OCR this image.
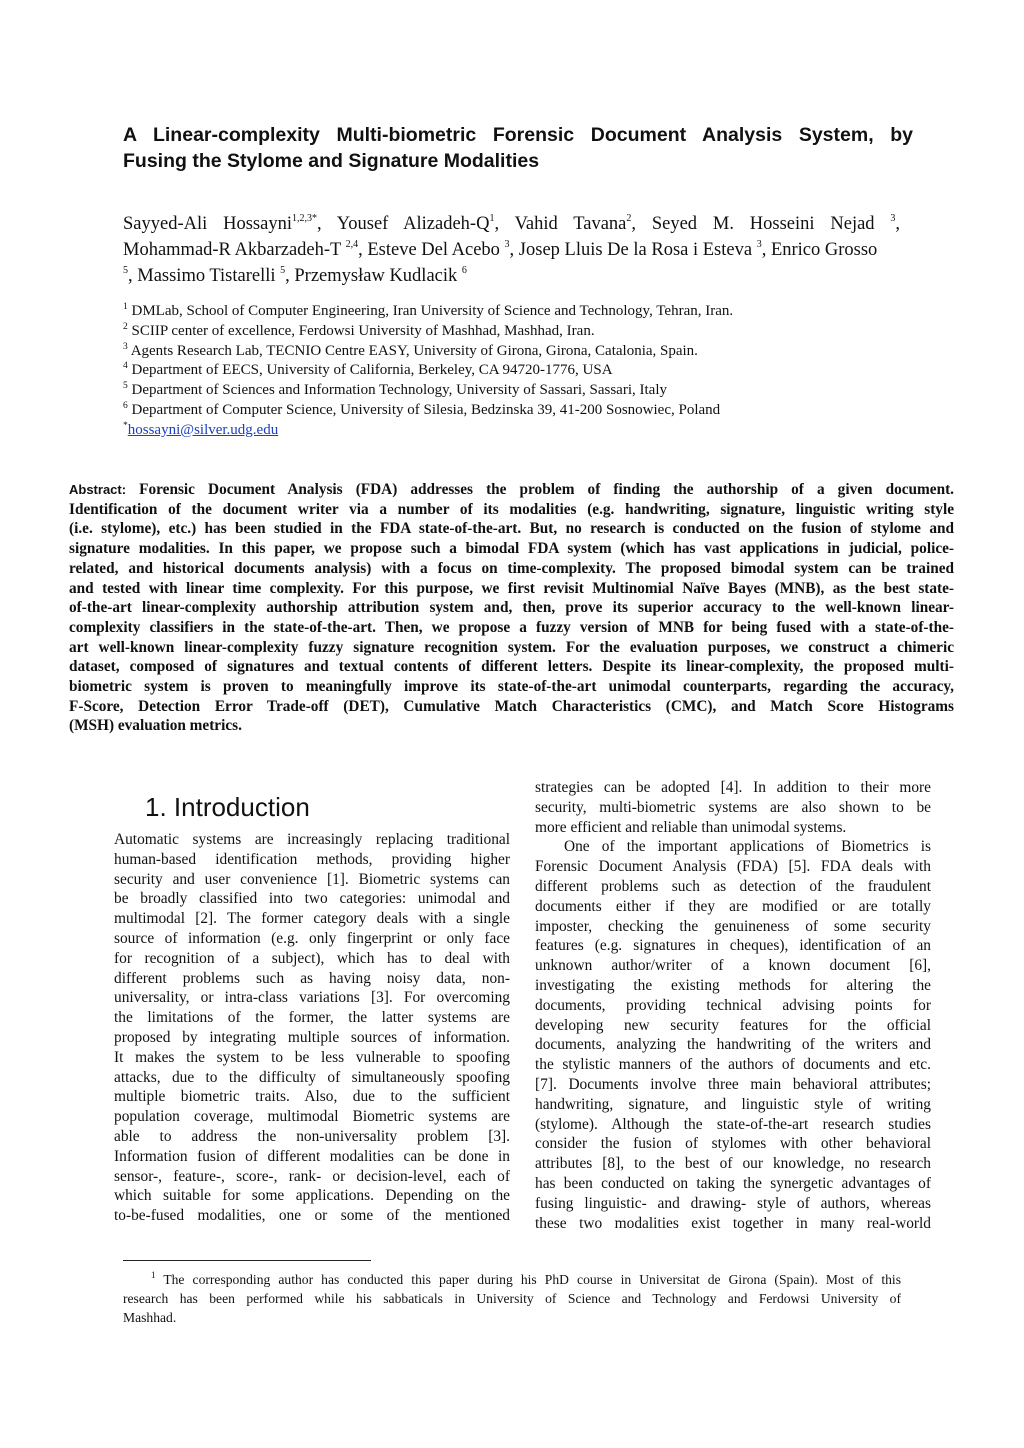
A Linear-complexity Multi-biometric Forensic Document Analysis System, by
Fusing the Stylome and Signature Modalities
Sayyed-Ali Hossayni$^{1,2,3*}$, Yousef Alizadeh-$Q^1$, Vahid Tavana$^2$, Seyed M. Hosseini Nejad $^3$,
Mohammad-R Akbarzadeh-T $^{2,4}$, Esteve Del Acebo $^3$, Josep Lluis De la Rosa i Esteva $^3$, Enrico Grosso
$^5$, Massimo Tistarelli $^5$, Przemysław Kudlacik $^6$
$^1$ DMLab, School of Computer Engineering, Iran University of Science and Technology, Tehran, Iran.
$^2$ SCIIP center of excellence, Ferdowsi University of Mashhad, Mashhad, Iran.
$^3$ Agents Research Lab, TECNIO Centre EASY, University of Girona, Girona, Catalonia, Spain.
$^4$ Department of EECS, University of California, Berkeley, CA 94720-1776, USA
$^5$ Department of Sciences and Information Technology, University of Sassari, Sassari, Italy
$^6$ Department of Computer Science, University of Silesia, Bedzinska 39, 41-200 Sosnowiec, Poland
*hossayni@silver.udg.edu
Abstract: Forensic Document Analysis (FDA) addresses the problem of finding the authorship of a given document.
Identification of the document writer via a number of its modalities (e.g. handwriting, signature, linguistic writing style
(i.e. stylome), etc.) has been studied in the FDA state-of-the-art. But, no research is conducted on the fusion of stylome and
signature modalities. In this paper, we propose such a bimodal FDA system (which has vast applications in judicial, police-
related, and historical documents analysis) with a focus on time-complexity. The proposed bimodal system can be trained
and tested with linear time complexity. For this purpose, we first revisit Multinomial Naïve Bayes (MNB), as the best state-
of-the-art linear-complexity authorship attribution system and, then, prove its superior accuracy to the well-known linear-
complexity classifiers in the state-of-the-art. Then, we propose a fuzzy version of MNB for being fused with a state-of-the-
art well-known linear-complexity fuzzy signature recognition system. For the evaluation purposes, we construct a chimeric
dataset, composed of signatures and textual contents of different letters. Despite its linear-complexity, the proposed multi-
biometric system is proven to meaningfully improve its state-of-the-art unimodal counterparts, regarding the accuracy,
F-Score, Detection Error Trade-off (DET), Cumulative Match Characteristics (CMC), and Match Score Histograms
(MSH) evaluation metrics.
1. Introduction
Automatic systems are increasingly replacing traditional
human-based identification methods, providing higher
security and user convenience [1]. Biometric systems can
be broadly classified into two categories: unimodal and
multimodal [2]. The former category deals with a single
source of information (e.g. only fingerprint or only face
for recognition of a subject), which has to deal with
different problems such as having noisy data, non-
universality, or intra-class variations [3]. For overcoming
the limitations of the former, the latter systems are
proposed by integrating multiple sources of information.
It makes the system to be less vulnerable to spoofing
attacks, due to the difficulty of simultaneously spoofing
multiple biometric traits. Also, due to the sufficient
population coverage, multimodal Biometric systems are
able to address the non-universality problem [3].
Information fusion of different modalities can be done in
sensor-, feature-, score-, rank- or decision-level, each of
which suitable for some applications. Depending on the
to-be-fused modalities, one or some of the mentioned
strategies can be adopted [4]. In addition to their more
security, multi-biometric systems are also shown to be
more efficient and reliable than unimodal systems.
One of the important applications of Biometrics is
Forensic Document Analysis (FDA) [5]. FDA deals with
different problems such as detection of the fraudulent
documents either if they are modified or are totally
imposter, checking the genuineness of some security
features (e.g. signatures in cheques), identification of an
unknown author/writer of a known document [6],
investigating the existing methods for altering the
documents, providing technical advising points for
developing new security features for the official
documents, analyzing the handwriting of the writers and
the stylistic manners of the authors of documents and etc.
[7]. Documents involve three main behavioral attributes;
handwriting, signature, and linguistic style of writing
(stylome). Although the state-of-the-art research studies
consider the fusion of stylomes with other behavioral
attributes [8], to the best of our knowledge, no research
has been conducted on taking the synergetic advantages of
fusing linguistic- and drawing- style of authors, whereas
these two modalities exist together in many real-world
$^1$ The corresponding author has conducted this paper during his PhD course in Universitat de Girona (Spain). Most of this
research has been performed while his sabbaticals in University of Science and Technology and Ferdowsi University of
Mashhad.
